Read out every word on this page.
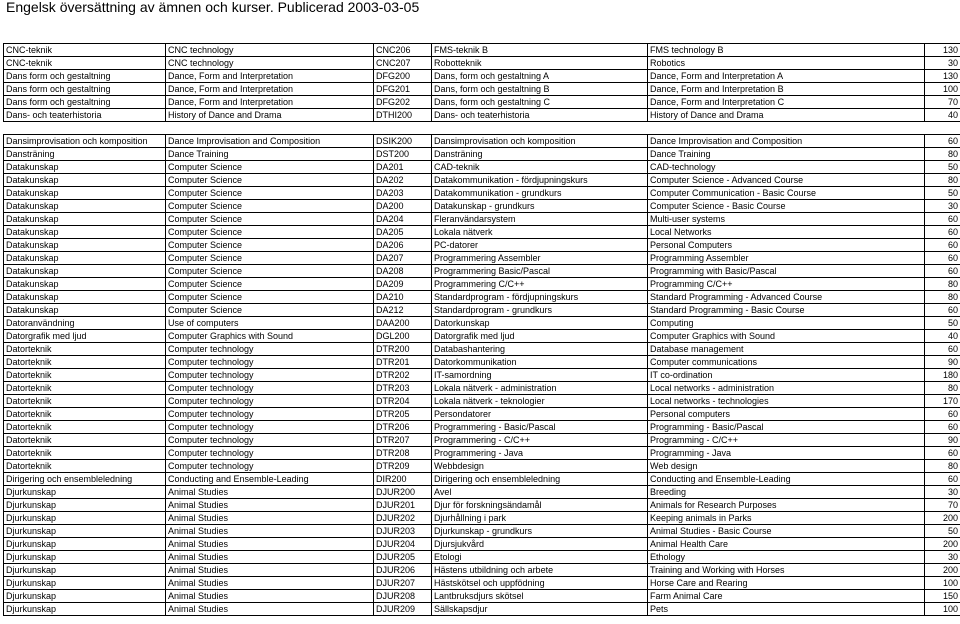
Engelsk översättning av ämnen och kurser. Publicerad 2003-03-05
CNC-teknik	CNC technology	CNC206	FMS-teknik B	FMS technology B	130
CNC-teknik	CNC technology	CNC207	Robotteknik	Robotics	30
Dans form och gestaltning	Dance, Form and Interpretation	DFG200	Dans, form och gestaltning A	Dance, Form and Interpretation A	130
Dans form och gestaltning	Dance, Form and Interpretation	DFG201	Dans, form och gestaltning B	Dance, Form and Interpretation B	100
Dans form och gestaltning	Dance, Form and Interpretation	DFG202	Dans, form och gestaltning C	Dance, Form and Interpretation C	70
Dans- och teaterhistoria	History of Dance and Drama	DTHI200	Dans- och teaterhistoria	History of Dance and Drama	40

Dansimprovisation och komposition	Dance Improvisation and Composition	DSIK200	Dansimprovisation och komposition	Dance Improvisation and Composition	60
Dansträning	Dance Training	DST200	Dansträning	Dance Training	80
Datakunskap	Computer Science	DA201	CAD-teknik	CAD-technology	50
Datakunskap	Computer Science	DA202	Datakommunikation - fördjupningskurs	Computer Science - Advanced Course	80
Datakunskap	Computer Science	DA203	Datakommunikation - grundkurs	Computer Communication - Basic Course	50
Datakunskap	Computer Science	DA200	Datakunskap - grundkurs	Computer Science - Basic Course	30
Datakunskap	Computer Science	DA204	Fleranvändarsystem	Multi-user systems	60
Datakunskap	Computer Science	DA205	Lokala nätverk	Local Networks	60
Datakunskap	Computer Science	DA206	PC-datorer	Personal Computers	60
Datakunskap	Computer Science	DA207	Programmering Assembler	Programming Assembler	60
Datakunskap	Computer Science	DA208	Programmering Basic/Pascal	Programming with Basic/Pascal	60
Datakunskap	Computer Science	DA209	Programmering C/C++	Programming C/C++	80
Datakunskap	Computer Science	DA210	Standardprogram - fördjupningskurs	Standard Programming - Advanced Course	80
Datakunskap	Computer Science	DA212	Standardprogram - grundkurs	Standard Programming - Basic Course	60
Datoranvändning	Use of computers	DAA200	Datorkunskap	Computing	50
Datorgrafik med ljud	Computer Graphics with Sound	DGL200	Datorgrafik med ljud	Computer Graphics with Sound	40
Datorteknik	Computer technology	DTR200	Databashantering	Database management	60
Datorteknik	Computer technology	DTR201	Datorkommunikation	Computer communications	90
Datorteknik	Computer technology	DTR202	IT-samordning	IT co-ordination	180
Datorteknik	Computer technology	DTR203	Lokala nätverk - administration	Local networks - administration	80
Datorteknik	Computer technology	DTR204	Lokala nätverk - teknologier	Local networks - technologies	170
Datorteknik	Computer technology	DTR205	Persondatorer	Personal computers	60
Datorteknik	Computer technology	DTR206	Programmering - Basic/Pascal	Programming - Basic/Pascal	60
Datorteknik	Computer technology	DTR207	Programmering - C/C++	Programming - C/C++	90
Datorteknik	Computer technology	DTR208	Programmering - Java	Programming - Java	60
Datorteknik	Computer technology	DTR209	Webbdesign	Web design	80
Dirigering och ensembleledning	Conducting and Ensemble-Leading	DIR200	Dirigering och ensembleledning	Conducting and Ensemble-Leading	60
Djurkunskap	Animal Studies	DJUR200	Avel	Breeding	30
Djurkunskap	Animal Studies	DJUR201	Djur för forskningsändamål	Animals for Research Purposes	70
Djurkunskap	Animal Studies	DJUR202	Djurhållning i park	Keeping animals in Parks	200
Djurkunskap	Animal Studies	DJUR203	Djurkunskap - grundkurs	Animal Studies - Basic Course	50
Djurkunskap	Animal Studies	DJUR204	Djursjukvård	Animal Health Care	200
Djurkunskap	Animal Studies	DJUR205	Etologi	Ethology	30
Djurkunskap	Animal Studies	DJUR206	Hästens utbildning och arbete	Training and Working with Horses	200
Djurkunskap	Animal Studies	DJUR207	Hästskötsel och uppfödning	Horse Care and Rearing	100
Djurkunskap	Animal Studies	DJUR208	Lantbruksdjurs skötsel	Farm Animal Care	150
Djurkunskap	Animal Studies	DJUR209	Sällskapsdjur	Pets	100
